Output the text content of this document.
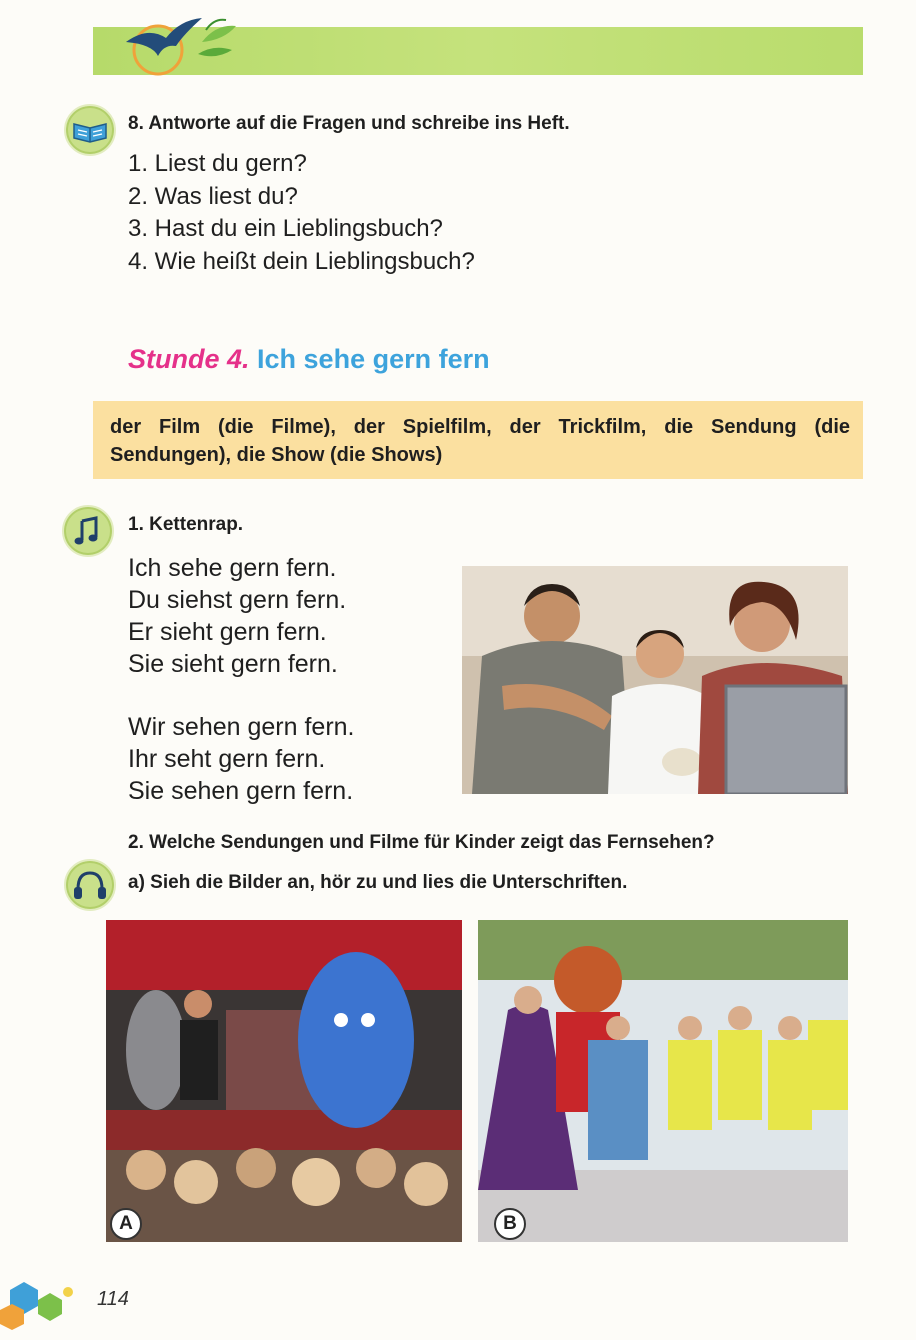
8. Antworte auf die Fragen und schreibe ins Heft.
1. Liest du gern?
2. Was liest du?
3. Hast du ein Lieblingsbuch?
4. Wie heißt dein Lieblingsbuch?
Stunde 4. Ich sehe gern fern
der Film (die Filme), der Spielfilm, der Trickfilm, die Sendung (die Sendungen), die Show (die Shows)
1. Kettenrap.
Ich sehe gern fern.
Du siehst gern fern.
Er sieht gern fern.
Sie sieht gern fern.
Wir sehen gern fern.
Ihr seht gern fern.
Sie sehen gern fern.
2. Welche Sendungen und Filme für Kinder zeigt das Fernsehen?
a) Sieh die Bilder an, hör zu und lies die Unterschriften.
A	B
114
